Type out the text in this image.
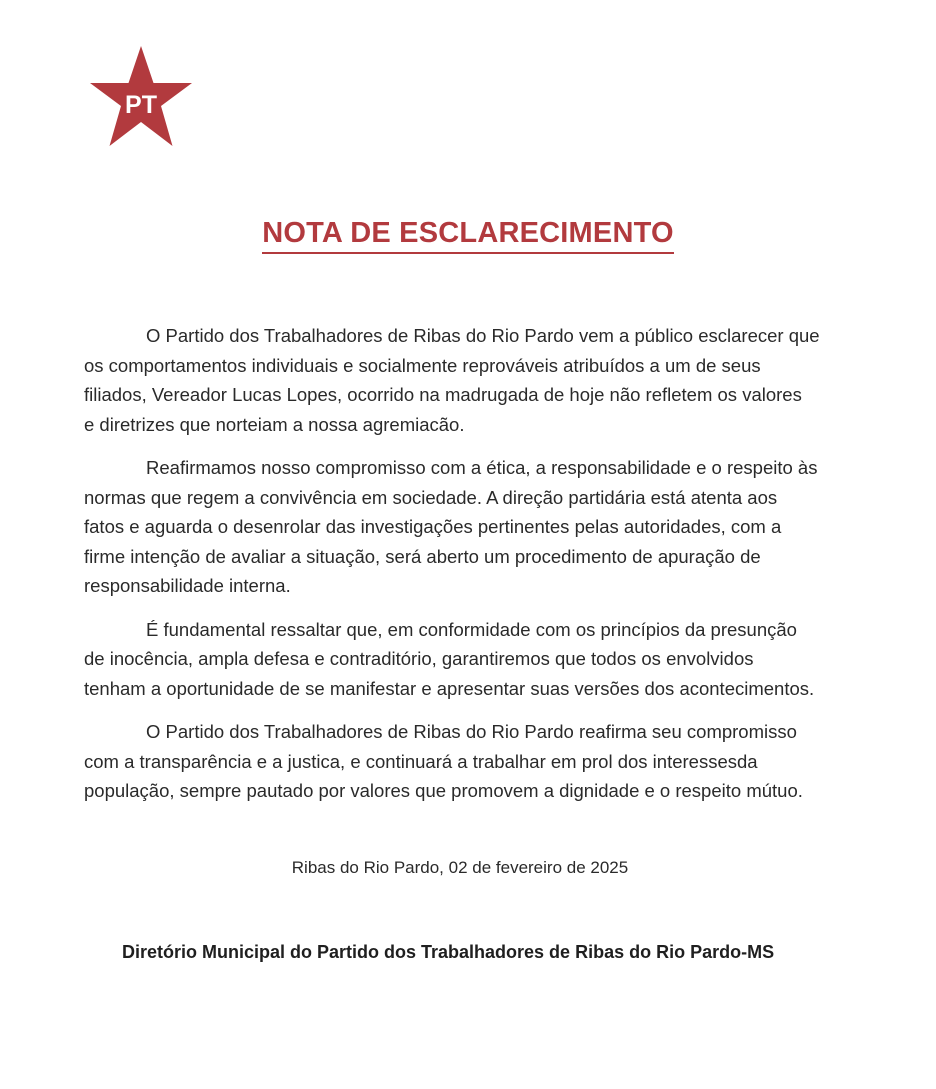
PT
NOTA DE ESCLARECIMENTO

O Partido dos Trabalhadores de Ribas do Rio Pardo vem a público esclarecer que
os comportamentos individuais e socialmente reprováveis atribuídos a um de seus
filiados, Vereador Lucas Lopes, ocorrido na madrugada de hoje não refletem os valores
e diretrizes que norteiam a nossa agremiacão.

Reafirmamos nosso compromisso com a ética, a responsabilidade e o respeito às
normas que regem a convivência em sociedade. A direção partidária está atenta aos
fatos e aguarda o desenrolar das investigações pertinentes pelas autoridades, com a
firme intenção de avaliar a situação, será aberto um procedimento de apuração de
responsabilidade interna.

É fundamental ressaltar que, em conformidade com os princípios da presunção
de inocência, ampla defesa e contraditório, garantiremos que todos os envolvidos
tenham a oportunidade de se manifestar e apresentar suas versões dos acontecimentos.

O Partido dos Trabalhadores de Ribas do Rio Pardo reafirma seu compromisso
com a transparência e a justica, e continuará a trabalhar em prol dos interessesda
população, sempre pautado por valores que promovem a dignidade e o respeito mútuo.

Ribas do Rio Pardo, 02 de fevereiro de 2025
Diretório Municipal do Partido dos Trabalhadores de Ribas do Rio Pardo-MS
